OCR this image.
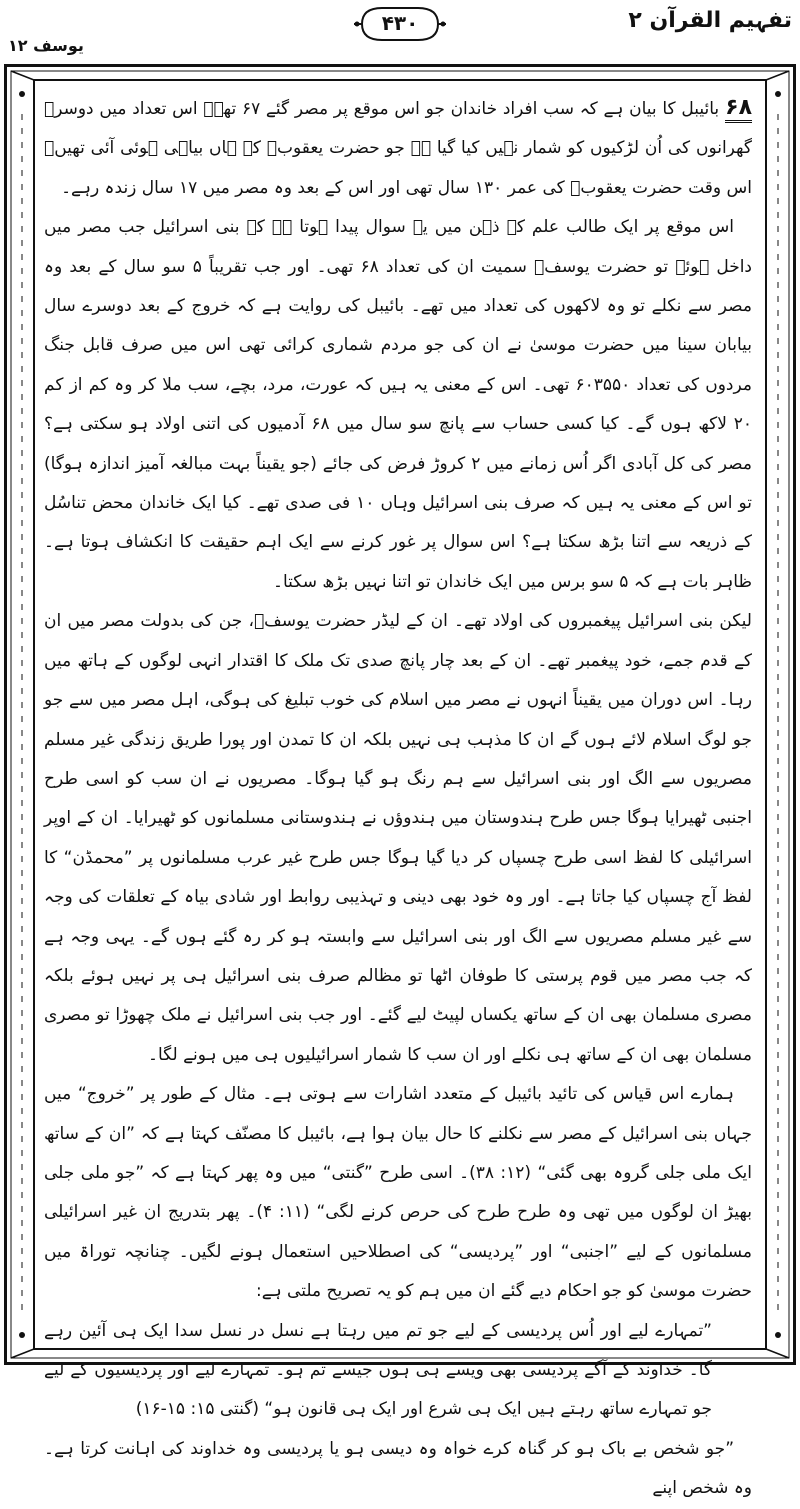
تفہیم القرآن ۲
۴۳۰
یوسف ۱۲

۶۸بائیبل کا بیان ہے کہ سب افراد خاندان جو اس موقع پر مصر گئے ۶۷ تھے۔ اس تعداد میں دوسرے گھرانوں کی اُن لڑکیوں کو شمار نہیں کیا گیا ہے جو حضرت یعقوبؑ کے ہاں بیاہی ہوئی آئی تھیں۔ اس وقت حضرت یعقوبؑ کی عمر ۱۳۰ سال تھی اور اس کے بعد وہ مصر میں ۱۷ سال زندہ رہے۔

اس موقع پر ایک طالب علم کے ذہن میں یہ سوال پیدا ہوتا ہے کہ بنی اسرائیل جب مصر میں داخل ہوئے تو حضرت یوسفؑ سمیت ان کی تعداد ۶۸ تھی۔ اور جب تقریباً ۵ سو سال کے بعد وہ مصر سے نکلے تو وہ لاکھوں کی تعداد میں تھے۔ بائیبل کی روایت ہے کہ خروج کے بعد دوسرے سال بیابان سینا میں حضرت موسیٰ نے ان کی جو مردم شماری کرائی تھی اس میں صرف قابل جنگ مردوں کی تعداد ۶۰۳۵۵۰ تھی۔ اس کے معنی یہ ہیں کہ عورت، مرد، بچے، سب ملا کر وہ کم از کم ۲۰ لاکھ ہوں گے۔ کیا کسی حساب سے پانچ سو سال میں ۶۸ آدمیوں کی اتنی اولاد ہو سکتی ہے؟ مصر کی کل آبادی اگر اُس زمانے میں ۲ کروڑ فرض کی جائے (جو یقیناً بہت مبالغہ آمیز اندازہ ہوگا) تو اس کے معنی یہ ہیں کہ صرف بنی اسرائیل وہاں ۱۰ فی صدی تھے۔ کیا ایک خاندان محض تناسُل کے ذریعہ سے اتنا بڑھ سکتا ہے؟ اس سوال پر غور کرنے سے ایک اہم حقیقت کا انکشاف ہوتا ہے۔ ظاہر بات ہے کہ ۵ سو برس میں ایک خاندان تو اتنا نہیں بڑھ سکتا۔

لیکن بنی اسرائیل پیغمبروں کی اولاد تھے۔ ان کے لیڈر حضرت یوسفؑ، جن کی بدولت مصر میں ان کے قدم جمے، خود پیغمبر تھے۔ ان کے بعد چار پانچ صدی تک ملک کا اقتدار انہی لوگوں کے ہاتھ میں رہا۔ اس دوران میں یقیناً انہوں نے مصر میں اسلام کی خوب تبلیغ کی ہوگی، اہل مصر میں سے جو جو لوگ اسلام لائے ہوں گے ان کا مذہب ہی نہیں بلکہ ان کا تمدن اور پورا طریق زندگی غیر مسلم مصریوں سے الگ اور بنی اسرائیل سے ہم رنگ ہو گیا ہوگا۔ مصریوں نے ان سب کو اسی طرح اجنبی ٹھیرایا ہوگا جس طرح ہندوستان میں ہندوؤں نے ہندوستانی مسلمانوں کو ٹھیرایا۔ ان کے اوپر اسرائیلی کا لفظ اسی طرح چسپاں کر دیا گیا ہوگا جس طرح غیر عرب مسلمانوں پر ”محمڈن“ کا لفظ آج چسپاں کیا جاتا ہے۔ اور وہ خود بھی دینی و تہذیبی روابط اور شادی بیاہ کے تعلقات کی وجہ سے غیر مسلم مصریوں سے الگ اور بنی اسرائیل سے وابستہ ہو کر رہ گئے ہوں گے۔ یہی وجہ ہے کہ جب مصر میں قوم پرستی کا طوفان اٹھا تو مظالم صرف بنی اسرائیل ہی پر نہیں ہوئے بلکہ مصری مسلمان بھی ان کے ساتھ یکساں لپیٹ لیے گئے۔ اور جب بنی اسرائیل نے ملک چھوڑا تو مصری مسلمان بھی ان کے ساتھ ہی نکلے اور ان سب کا شمار اسرائیلیوں ہی میں ہونے لگا۔

ہمارے اس قیاس کی تائید بائیبل کے متعدد اشارات سے ہوتی ہے۔ مثال کے طور پر ”خروج“ میں جہاں بنی اسرائیل کے مصر سے نکلنے کا حال بیان ہوا ہے، بائیبل کا مصنّف کہتا ہے کہ ”ان کے ساتھ ایک ملی جلی گروہ بھی گئی“ (۱۲: ۳۸)۔ اسی طرح ”گنتی“ میں وہ پھر کہتا ہے کہ ”جو ملی جلی بھیڑ ان لوگوں میں تھی وہ طرح طرح کی حرص کرنے لگی“ (۱۱: ۴)۔ پھر بتدریج ان غیر اسرائیلی مسلمانوں کے لیے ”اجنبی“ اور ”پردیسی“ کی اصطلاحیں استعمال ہونے لگیں۔ چنانچہ توراۃ میں حضرت موسیٰ کو جو احکام دیے گئے ان میں ہم کو یہ تصریح ملتی ہے:

”تمہارے لیے اور اُس پردیسی کے لیے جو تم میں رہتا ہے نسل در نسل سدا ایک ہی آئین رہے گا۔ خداوند کے آگے پردیسی بھی ویسے ہی ہوں جیسے تم ہو۔ تمہارے لیے اور پردیسیوں کے لیے جو تمہارے ساتھ رہتے ہیں ایک ہی شرع اور ایک ہی قانون ہو“ (گنتی ۱۵: ۱۵-۱۶)

”جو شخص بے باک ہو کر گناہ کرے خواہ وہ دیسی ہو یا پردیسی وہ خداوند کی اہانت کرتا ہے۔ وہ شخص اپنے
